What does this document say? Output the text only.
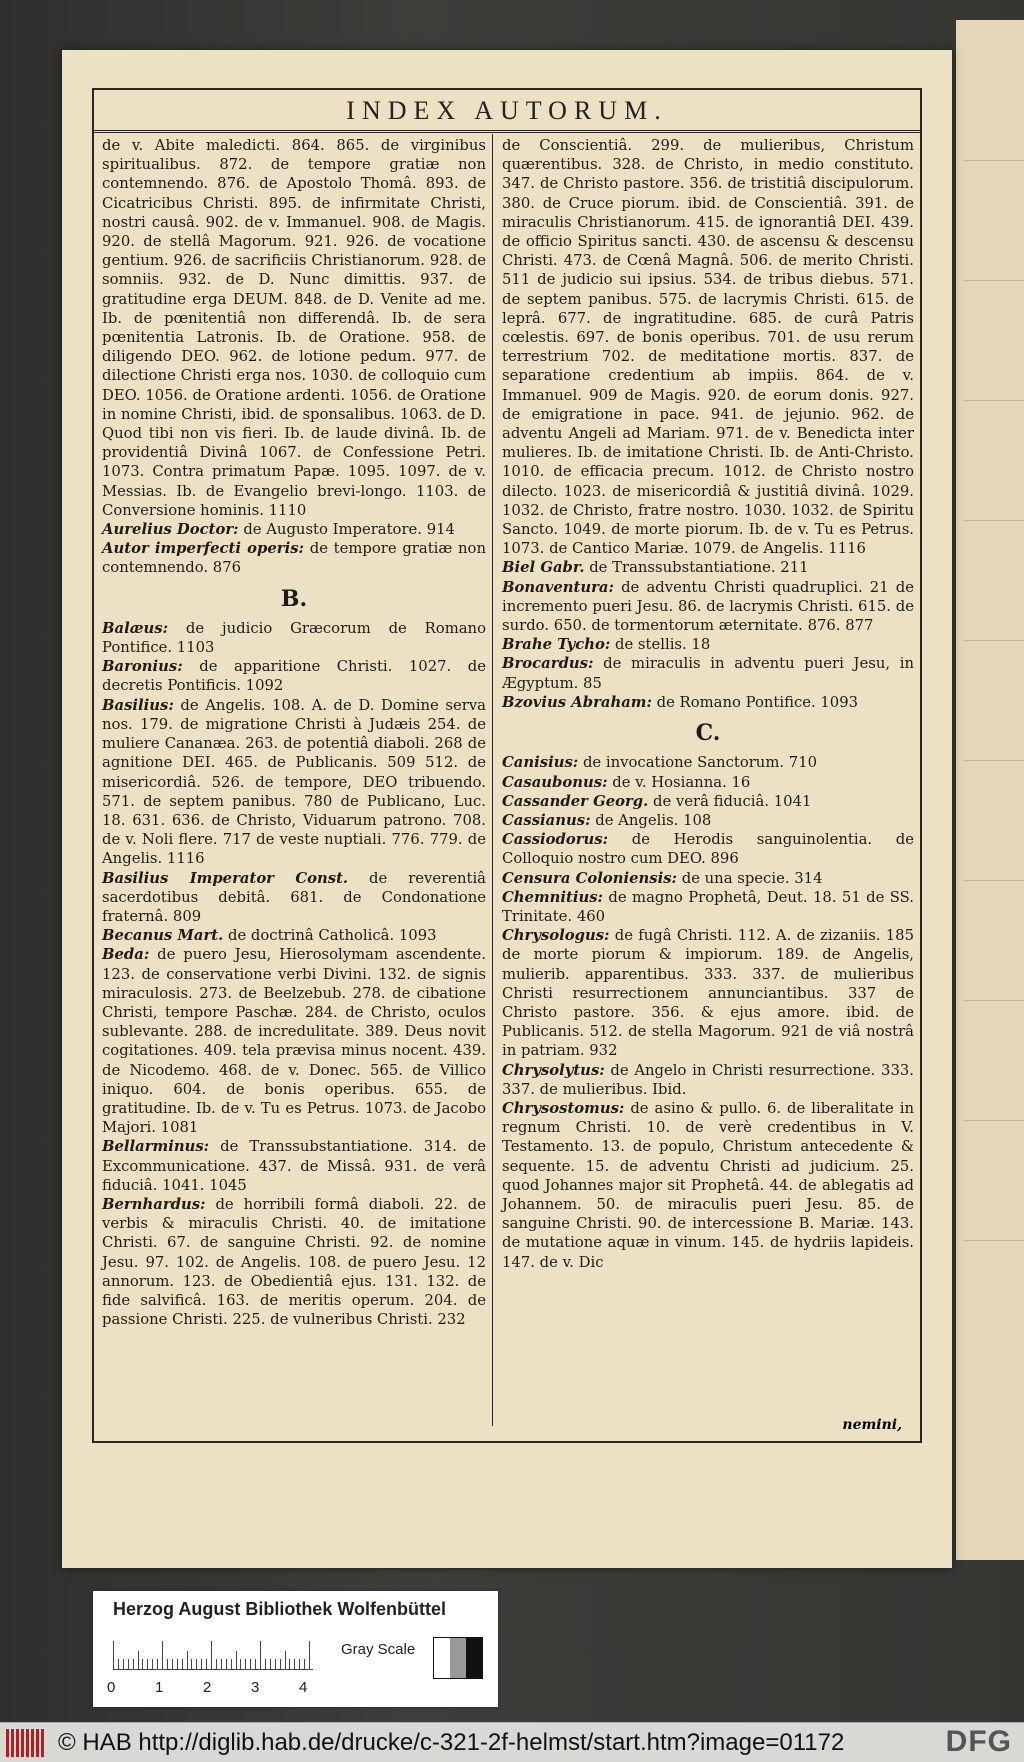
INDEX AUTORUM.

de v. Abite maledicti. 864. 865. de virginibus spiritualibus. 872. de tempore gratiæ non contemnendo. 876. de Apostolo Thomâ. 893. de Cicatricibus Christi. 895. de infirmitate Christi, nostri causâ. 902. de v. Immanuel. 908. de Magis. 920. de stellâ Magorum. 921. 926. de vocatione gentium. 926. de sacrificiis Christianorum. 928. de somniis. 932. de D. Nunc dimittis. 937. de gratitudine erga DEUM. 848. de D. Venite ad me. Ib. de pœnitentiâ non differendâ. Ib. de sera pœnitentia Latronis. Ib. de Oratione. 958. de diligendo DEO. 962. de lotione pedum. 977. de dilectione Christi erga nos. 1030. de colloquio cum DEO. 1056. de Oratione ardenti. 1056. de Oratione in nomine Christi, ibid. de sponsalibus. 1063. de D. Quod tibi non vis fieri. Ib. de laude divinâ. Ib. de providentiâ Divinâ 1067. de Confessione Petri. 1073. Contra primatum Papæ. 1095. 1097. de v. Messias. Ib. de Evangelio brevi-longo. 1103. de Conversione hominis. 1110

Aurelius Doctor: de Augusto Imperatore. 914

Autor imperfecti operis: de tempore gratiæ non contemnendo. 876

B.

Balæus: de judicio Græcorum de Romano Pontifice. 1103

Baronius: de apparitione Christi. 1027. de decretis Pontificis. 1092

Basilius: de Angelis. 108. A. de D. Domine serva nos. 179. de migratione Christi à Judæis 254. de muliere Cananæa. 263. de potentiâ diaboli. 268 de agnitione DEI. 465. de Publicanis. 509 512. de misericordiâ. 526. de tempore, DEO tribuendo. 571. de septem panibus. 780 de Publicano, Luc. 18. 631. 636. de Christo, Viduarum patrono. 708. de v. Noli flere. 717 de veste nuptiali. 776. 779. de Angelis. 1116

Basilius Imperator Const. de reverentiâ sacerdotibus debitâ. 681. de Condonatione fraternâ. 809

Becanus Mart. de doctrinâ Catholicâ. 1093

Beda: de puero Jesu, Hierosolymam ascendente. 123. de conservatione verbi Divini. 132. de signis miraculosis. 273. de Beelzebub. 278. de cibatione Christi, tempore Paschæ. 284. de Christo, oculos sublevante. 288. de incredulitate. 389. Deus novit cogitationes. 409. tela prævisa minus nocent. 439. de Nicodemo. 468. de v. Donec. 565. de Villico iniquo. 604. de bonis operibus. 655. de gratitudine. Ib. de v. Tu es Petrus. 1073. de Jacobo Majori. 1081

Bellarminus: de Transsubstantiatione. 314. de Excommunicatione. 437. de Missâ. 931. de verâ fiduciâ. 1041. 1045

Bernhardus: de horribili formâ diaboli. 22. de verbis & miraculis Christi. 40. de imitatione Christi. 67. de sanguine Christi. 92. de nomine Jesu. 97. 102. de Angelis. 108. de puero Jesu. 12 annorum. 123. de Obedientiâ ejus. 131. 132. de fide salvificâ. 163. de meritis operum. 204. de passione Christi. 225. de vulneribus Christi. 232

de Conscientiâ. 299. de mulieribus, Christum quærentibus. 328. de Christo, in medio constituto. 347. de Christo pastore. 356. de tristitiâ discipulorum. 380. de Cruce piorum. ibid. de Conscientiâ. 391. de miraculis Christianorum. 415. de ignorantiâ DEI. 439. de officio Spiritus sancti. 430. de ascensu & descensu Christi. 473. de Cœnâ Magnâ. 506. de merito Christi. 511 de judicio sui ipsius. 534. de tribus diebus. 571. de septem panibus. 575. de lacrymis Christi. 615. de leprâ. 677. de ingratitudine. 685. de curâ Patris cœlestis. 697. de bonis operibus. 701. de usu rerum terrestrium 702. de meditatione mortis. 837. de separatione credentium ab impiis. 864. de v. Immanuel. 909 de Magis. 920. de eorum donis. 927. de emigratione in pace. 941. de jejunio. 962. de adventu Angeli ad Mariam. 971. de v. Benedicta inter mulieres. Ib. de imitatione Christi. Ib. de Anti-Christo. 1010. de efficacia precum. 1012. de Christo nostro dilecto. 1023. de misericordiâ & justitiâ divinâ. 1029. 1032. de Christo, fratre nostro. 1030. 1032. de Spiritu Sancto. 1049. de morte piorum. Ib. de v. Tu es Petrus. 1073. de Cantico Mariæ. 1079. de Angelis. 1116

Biel Gabr. de Transsubstantiatione. 211

Bonaventura: de adventu Christi quadruplici. 21 de incremento pueri Jesu. 86. de lacrymis Christi. 615. de surdo. 650. de tormentorum æternitate. 876. 877

Brahe Tycho: de stellis. 18

Brocardus: de miraculis in adventu pueri Jesu, in Ægyptum. 85

Bzovius Abraham: de Romano Pontifice. 1093

C.

Canisius: de invocatione Sanctorum. 710

Casaubonus: de v. Hosianna. 16

Cassander Georg. de verâ fiduciâ. 1041

Cassianus: de Angelis. 108

Cassiodorus: de Herodis sanguinolentia. de Colloquio nostro cum DEO. 896

Censura Coloniensis: de una specie. 314

Chemnitius: de magno Prophetâ, Deut. 18. 51 de SS. Trinitate. 460

Chrysologus: de fugâ Christi. 112. A. de zizaniis. 185 de morte piorum & impiorum. 189. de Angelis, mulierib. apparentibus. 333. 337. de mulieribus Christi resurrectionem annunciantibus. 337 de Christo pastore. 356. & ejus amore. ibid. de Publicanis. 512. de stella Magorum. 921 de viâ nostrâ in patriam. 932

Chrysolytus: de Angelo in Christi resurrectione. 333. 337. de mulieribus. Ibid.

Chrysostomus: de asino & pullo. 6. de liberalitate in regnum Christi. 10. de verè credentibus in V. Testamento. 13. de populo, Christum antecedente & sequente. 15. de adventu Christi ad judicium. 25. quod Johannes major sit Prophetâ. 44. de ablegatis ad Johannem. 50. de miraculis pueri Jesu. 85. de sanguine Christi. 90. de intercessione B. Mariæ. 143. de mutatione aquæ in vinum. 145. de hydriis lapideis. 147. de v. Dic

nemini,
Herzog August Bibliothek Wolfenbüttel
0	1	2	3	4
Gray Scale
© HAB http://diglib.hab.de/drucke/c-321-2f-helmst/start.htm?image=01172	DFG
